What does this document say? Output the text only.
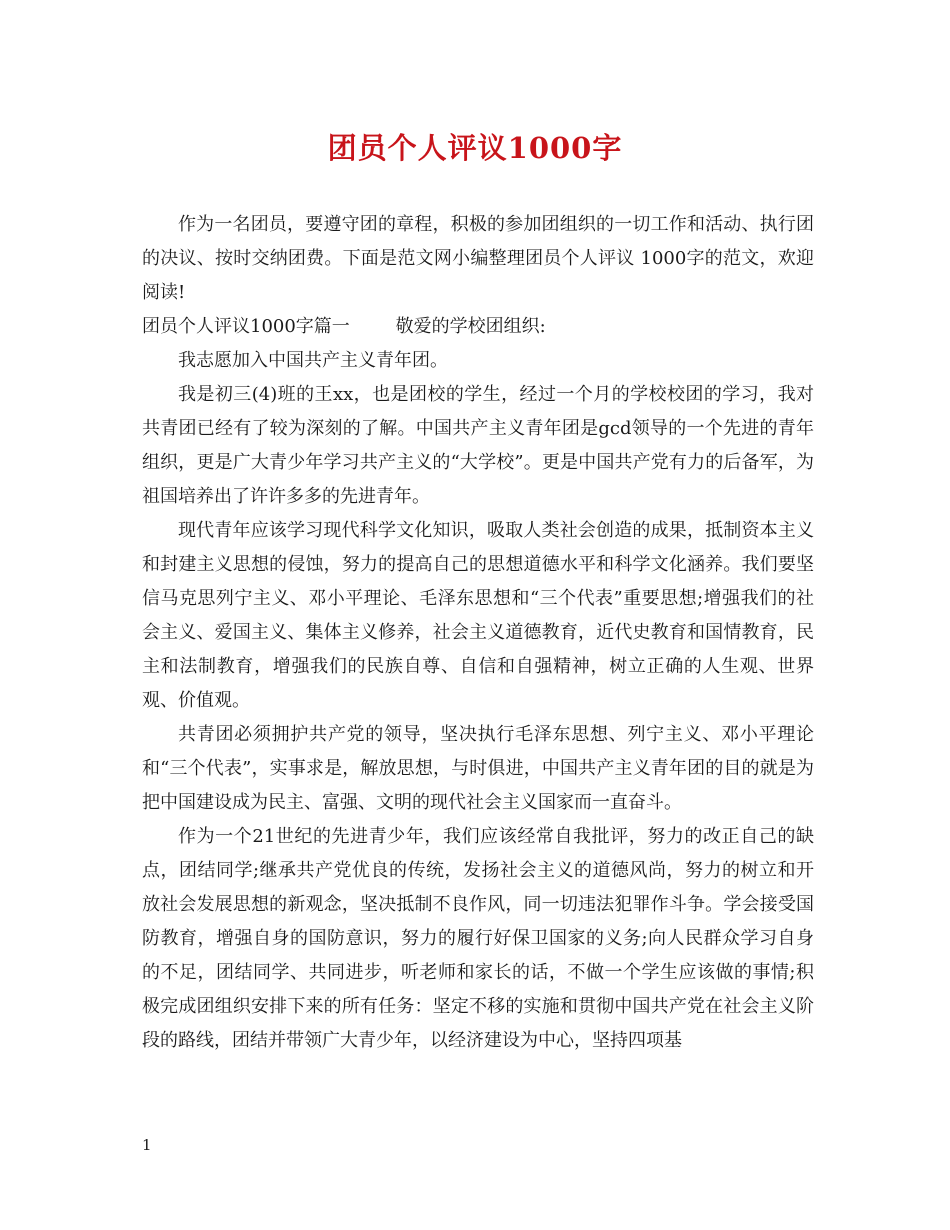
团员个人评议1000字

作为一名团员，要遵守团的章程，积极的参加团组织的一切工作和活动、执行团的决议、按时交纳团费。下面是范文网小编整理团员个人评议 1000字的范文，欢迎阅读!

团员个人评议1000字篇一	敬爱的学校团组织:

我志愿加入中国共产主义青年团。

我是初三(4)班的王xx，也是团校的学生，经过一个月的学校校团的学习，我对共青团已经有了较为深刻的了解。中国共产主义青年团是gcd领导的一个先进的青年组织，更是广大青少年学习共产主义的“大学校”。更是中国共产党有力的后备军，为祖国培养出了许许多多的先进青年。

现代青年应该学习现代科学文化知识，吸取人类社会创造的成果，抵制资本主义和封建主义思想的侵蚀，努力的提高自己的思想道德水平和科学文化涵养。我们要坚信马克思列宁主义、邓小平理论、毛泽东思想和“三个代表”重要思想;增强我们的社会主义、爱国主义、集体主义修养，社会主义道德教育，近代史教育和国情教育，民主和法制教育，增强我们的民族自尊、自信和自强精神，树立正确的人生观、世界观、价值观。

共青团必须拥护共产党的领导，坚决执行毛泽东思想、列宁主义、邓小平理论和“三个代表”，实事求是，解放思想，与时俱进，中国共产主义青年团的目的就是为把中国建设成为民主、富强、文明的现代社会主义国家而一直奋斗。

作为一个21世纪的先进青少年，我们应该经常自我批评，努力的改正自己的缺点，团结同学;继承共产党优良的传统，发扬社会主义的道德风尚，努力的树立和开放社会发展思想的新观念，坚决抵制不良作风，同一切违法犯罪作斗争。学会接受国防教育，增强自身的国防意识，努力的履行好保卫国家的义务;向人民群众学习自身的不足，团结同学、共同进步，听老师和家长的话，不做一个学生应该做的事情;积极完成团组织安排下来的所有任务：坚定不移的实施和贯彻中国共产党在社会主义阶段的路线，团结并带领广大青少年，以经济建设为中心，坚持四项基

1
